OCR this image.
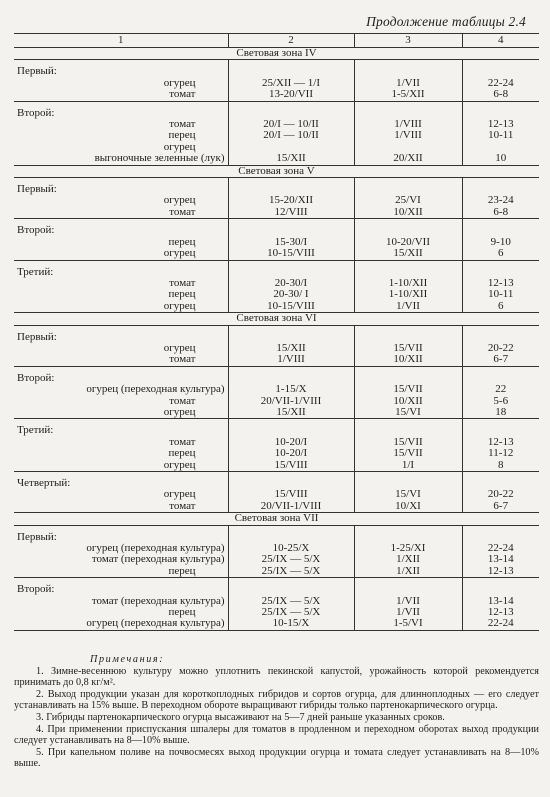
Продолжение таблицы 2.4
1	2	3	4
Световая зона IV			

Первый:			
огурец	25/XII — 1/I	1/VII	22-24
томат	13-20/VII	1-5/XII	6-8

Второй:			
томат	20/I — 10/II	1/VIII	12-13
перец	20/I — 10/II	1/VIII	10-11
огурец			
выгоночные зеленные (лук)	15/XII	20/XII	10
Световая зона V			

Первый:			
огурец	15-20/XII	25/VI	23-24
томат	12/VIII	10/XII	6-8

Второй:			
перец	15-30/I	10-20/VII	9-10
огурец	10-15/VIII	15/XII	6

Третий:			
томат	20-30/I	1-10/XII	12-13
перец	20-30/ I	1-10/XII	10-11
огурец	10-15/VIII	1/VII	6
Световая зона VI			

Первый:			
огурец	15/XII	15/VII	20-22
томат	1/VIII	10/XII	6-7

Второй:			
огурец (переходная культура)	1-15/X	15/VII	22
томат	20/VII-1/VIII	10/XII	5-6
огурец	15/XII	15/VI	18

Третий:			
томат	10-20/I	15/VII	12-13
перец	10-20/I	15/VII	11-12
огурец	15/VIII	1/I	8

Четвертый:			
огурец	15/VIII	15/VI	20-22
томат	20/VII-1/VIII	10/XI	6-7
Световая зона VII			

Первый:			
огурец (переходная культура)	10-25/X	1-25/XI	22-24
томат (переходная культура)	25/IX — 5/X	1/XII	13-14
перец	25/IX — 5/X	1/XII	12-13

Второй:			
томат (переходная культура)	25/IX — 5/X	1/VII	13-14
перец	25/IX — 5/X	1/VII	12-13
огурец (переходная культура)	10-15/X	1-5/VI	22-24
Примечания:

1. Зимне-весеннюю культуру можно уплотнить пекинской капустой, урожайность которой рекомендуется принимать до 0,8 кг/м².

2. Выход продукции указан для короткоплодных гибридов и сортов огурца, для длинноплодных — его следует устанавливать на 15% выше. В переходном обороте выращивают гибриды только партенокарпического огурца.

3. Гибриды партенокарпического огурца высаживают на 5—7 дней раньше указанных сроков.

4. При применении приспускания шпалеры для томатов в продленном и переходном оборотах выход продукции следует устанавливать на 8—10% выше.

5. При капельном поливе на почвосмесях выход продукции огурца и томата следует устанавливать на 8—10% выше.
